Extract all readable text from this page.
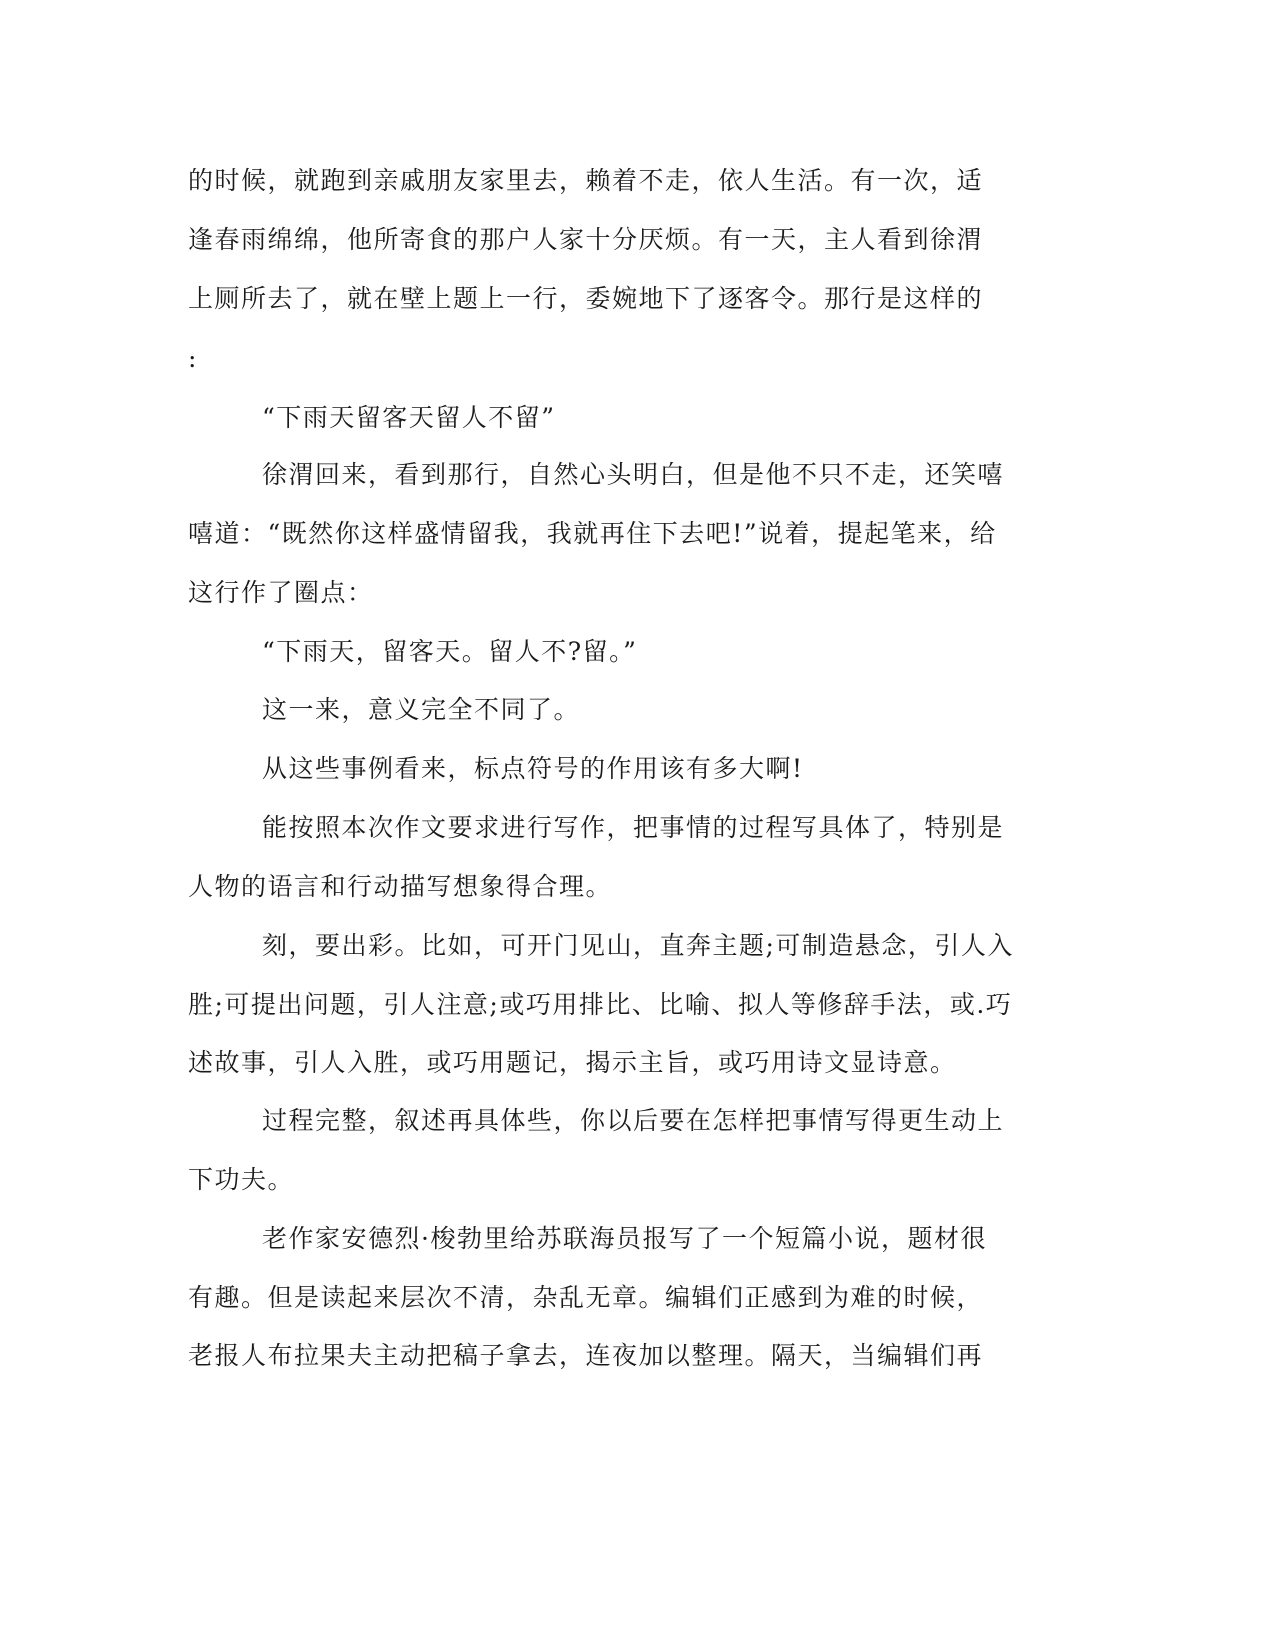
的时候，就跑到亲戚朋友家里去，赖着不走，依人生活。有一次，适
逢春雨绵绵，他所寄食的那户人家十分厌烦。有一天，主人看到徐渭
上厕所去了，就在壁上题上一行，委婉地下了逐客令。那行是这样的
:
“下雨天留客天留人不留”
徐渭回来，看到那行，自然心头明白，但是他不只不走，还笑嘻
嘻道：“既然你这样盛情留我，我就再住下去吧!”说着，提起笔来，给
这行作了圈点：
“下雨天，留客天。留人不?留。”
这一来，意义完全不同了。
从这些事例看来，标点符号的作用该有多大啊!
能按照本次作文要求进行写作，把事情的过程写具体了，特别是
人物的语言和行动描写想象得合理。
刻，要出彩。比如，可开门见山，直奔主题;可制造悬念，引人入
胜;可提出问题，引人注意;或巧用排比、比喻、拟人等修辞手法，或.巧
述故事，引人入胜，或巧用题记，揭示主旨，或巧用诗文显诗意。
过程完整，叙述再具体些，你以后要在怎样把事情写得更生动上
下功夫。
老作家安德烈·梭勃里给苏联海员报写了一个短篇小说，题材很
有趣。但是读起来层次不清，杂乱无章。编辑们正感到为难的时候，
老报人布拉果夫主动把稿子拿去，连夜加以整理。隔天，当编辑们再
